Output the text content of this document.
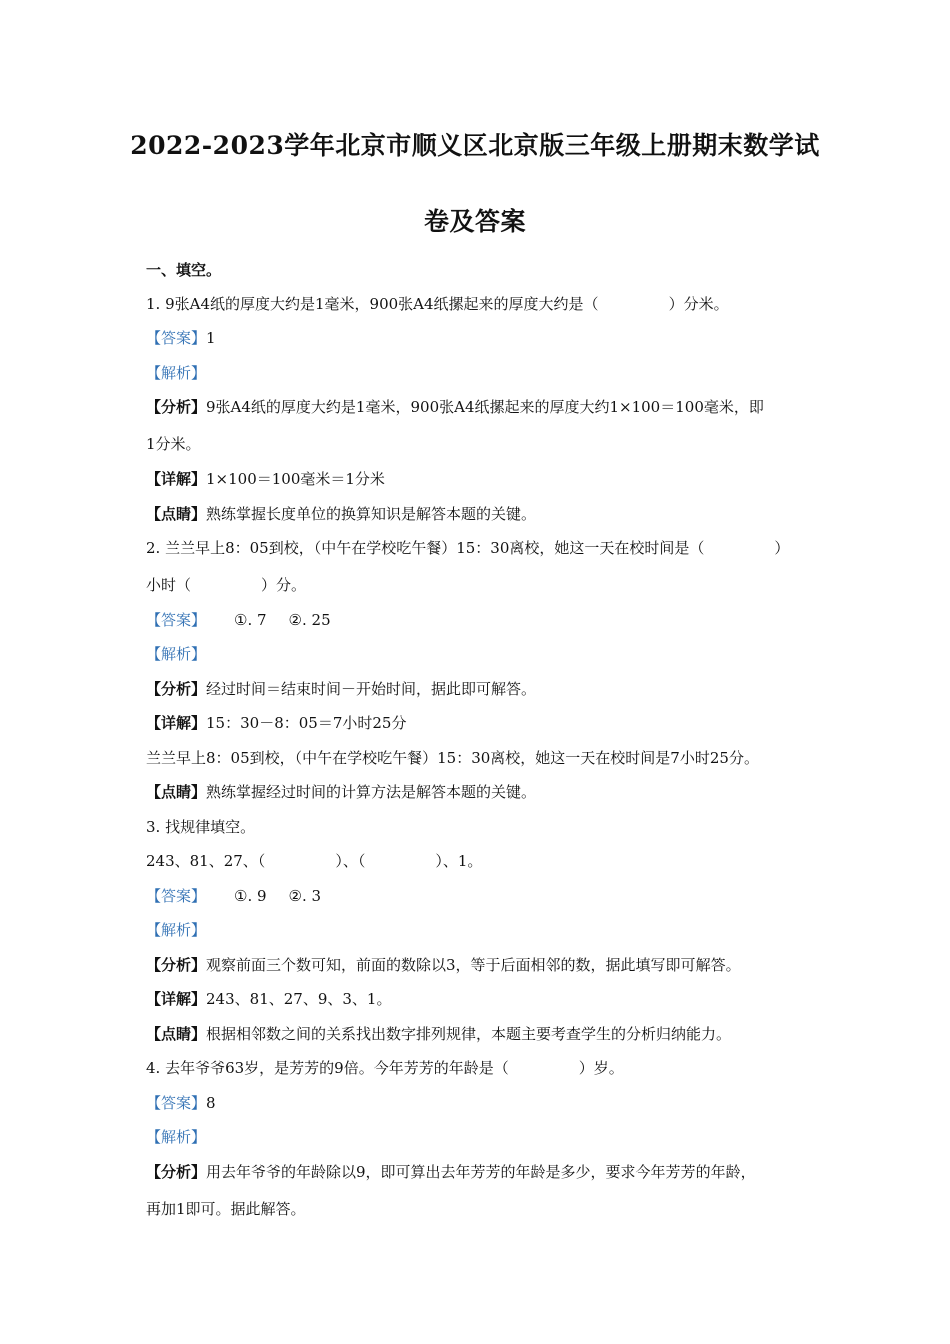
2022-2023学年北京市顺义区北京版三年级上册期末数学试
卷及答案
一、填空。
1. 9张A4纸的厚度大约是1毫米，900张A4纸摞起来的厚度大约是（	）分米。
【答案】1
【解析】
【分析】9张A4纸的厚度大约是1毫米，900张A4纸摞起来的厚度大约1×100＝100毫米，即
1分米。
【详解】1×100＝100毫米＝1分米
【点睛】熟练掌握长度单位的换算知识是解答本题的关键。
2. 兰兰早上8：05到校，（中午在学校吃午餐）15：30离校，她这一天在校时间是（	）
小时（	）分。
【答案】 ①. 7 ②. 25
【解析】
【分析】经过时间＝结束时间－开始时间，据此即可解答。
【详解】15：30－8：05＝7小时25分
兰兰早上8：05到校，（中午在学校吃午餐）15：30离校，她这一天在校时间是7小时25分。
【点睛】熟练掌握经过时间的计算方法是解答本题的关键。
3. 找规律填空。
243、81、27、（	）、（	）、1。
【答案】 ①. 9 ②. 3
【解析】
【分析】观察前面三个数可知，前面的数除以3，等于后面相邻的数，据此填写即可解答。
【详解】243、81、27、9、3、1。
【点睛】根据相邻数之间的关系找出数字排列规律，本题主要考查学生的分析归纳能力。
4. 去年爷爷63岁，是芳芳的9倍。今年芳芳的年龄是（	）岁。
【答案】8
【解析】
【分析】用去年爷爷的年龄除以9，即可算出去年芳芳的年龄是多少，要求今年芳芳的年龄，
再加1即可。据此解答。
